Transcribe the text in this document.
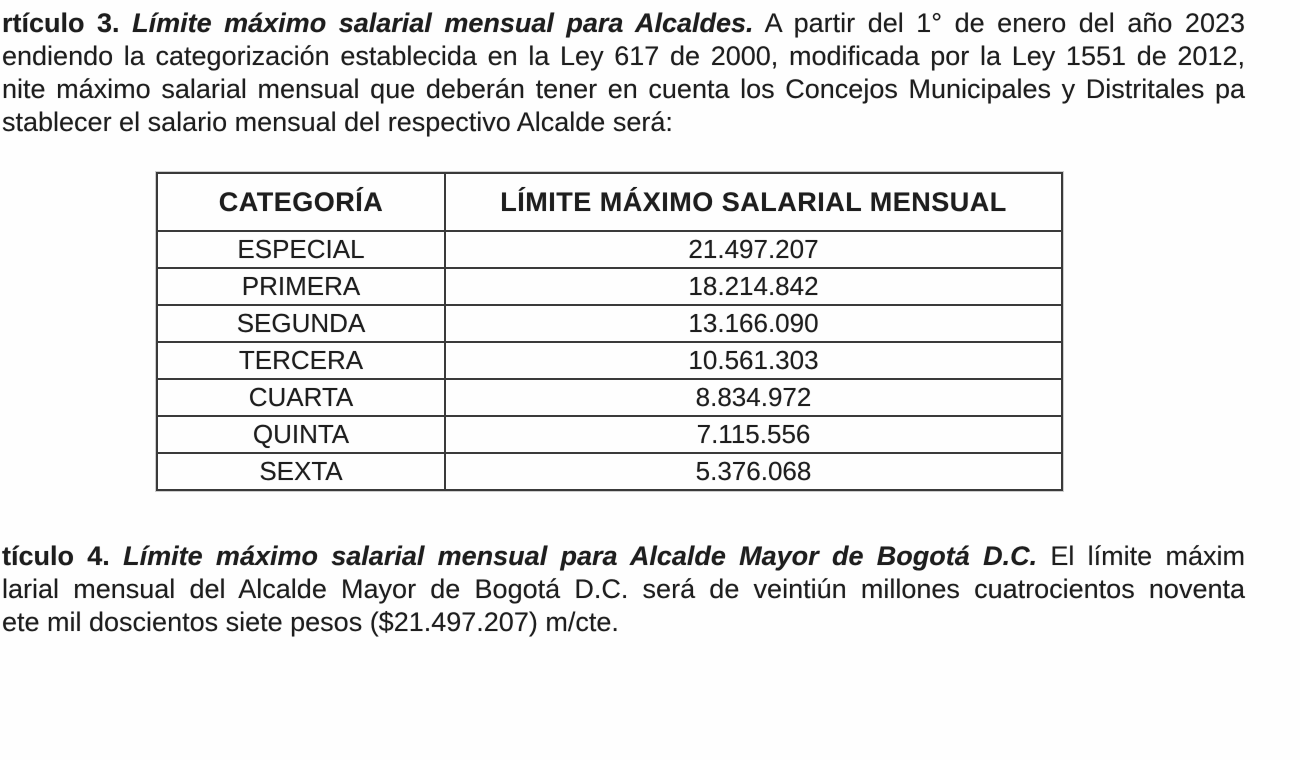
rtículo 3. Límite máximo salarial mensual para Alcaldes. A partir del 1° de enero del año 2023
endiendo la categorización establecida en la Ley 617 de 2000, modificada por la Ley 1551 de 2012,
nite máximo salarial mensual que deberán tener en cuenta los Concejos Municipales y Distritales pa
stablecer el salario mensual del respectivo Alcalde será:
CATEGORÍA	LÍMITE MÁXIMO SALARIAL MENSUAL
ESPECIAL	21.497.207
PRIMERA	18.214.842
SEGUNDA	13.166.090
TERCERA	10.561.303
CUARTA	8.834.972
QUINTA	7.115.556
SEXTA	5.376.068
tículo 4. Límite máximo salarial mensual para Alcalde Mayor de Bogotá D.C. El límite máxim
larial mensual del Alcalde Mayor de Bogotá D.C. será de veintiún millones cuatrocientos noventa
ete mil doscientos siete pesos ($21.497.207) m/cte.
